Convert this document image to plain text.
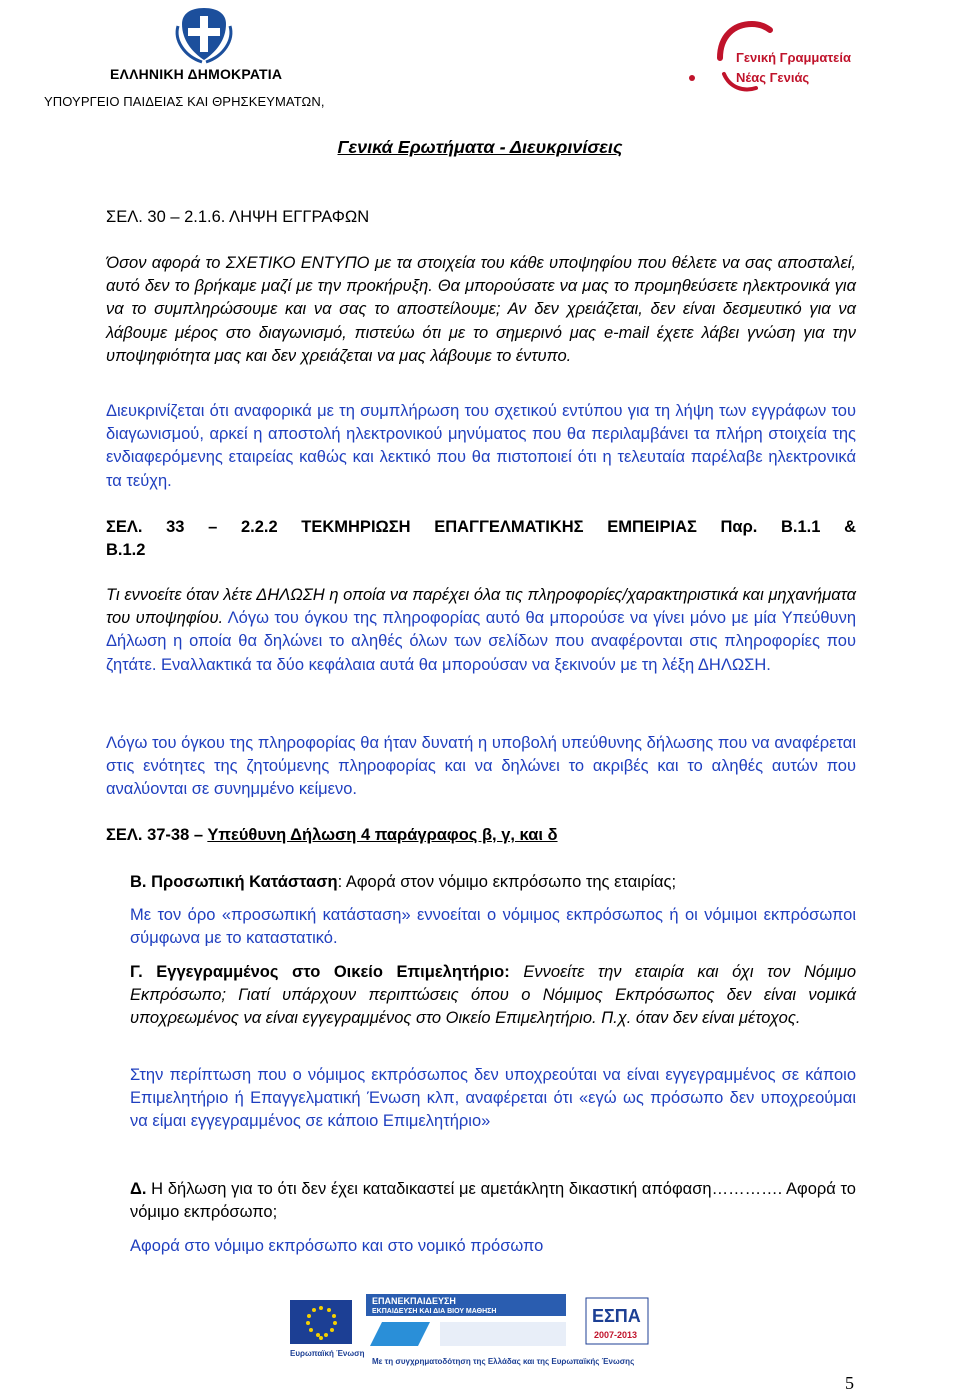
ΕΛΛΗΝΙΚΗ ΔΗΜΟΚΡΑΤΙΑ
ΥΠΟΥΡΓΕΙΟ ΠΑΙΔΕΙΑΣ ΚΑΙ ΘΡΗΣΚΕΥΜΑΤΩΝ,
Γενική Γραμματεία
Νέας Γενιάς
Γενικά Ερωτήματα - Διευκρινίσεις
ΣΕΛ. 30 – 2.1.6. ΛΗΨΗ ΕΓΓΡΑΦΩΝ
Όσον αφορά το ΣΧΕΤΙΚΟ ΕΝΤΥΠΟ με τα στοιχεία του κάθε υποψηφίου που θέλετε να σας αποσταλεί, αυτό δεν το βρήκαμε μαζί με την προκήρυξη. Θα μπορούσατε να μας το προμηθεύσετε ηλεκτρονικά για να το συμπληρώσουμε και να σας το αποστείλουμε; Αν δεν χρειάζεται, δεν είναι δεσμευτικό για να λάβουμε μέρος στο διαγωνισμό, πιστεύω ότι με το σημερινό μας e-mail έχετε λάβει γνώση για την υποψηφιότητα μας και δεν χρειάζεται να μας λάβουμε το έντυπο.
Διευκρινίζεται ότι αναφορικά με τη συμπλήρωση του σχετικού εντύπου για τη λήψη των εγγράφων του διαγωνισμού, αρκεί η αποστολή ηλεκτρονικού μηνύματος που θα περιλαμβάνει τα πλήρη στοιχεία της ενδιαφερόμενης εταιρείας καθώς και λεκτικό που θα πιστοποιεί ότι η τελευταία παρέλαβε ηλεκτρονικά τα τεύχη.
ΣΕΛ. 33 – 2.2.2 ΤΕΚΜΗΡΙΩΣΗ ΕΠΑΓΓΕΛΜΑΤΙΚΗΣ ΕΜΠΕΙΡΙΑΣ Παρ. Β.1.1 &
Β.1.2
Τι εννοείτε όταν λέτε ΔΗΛΩΣΗ η οποία να παρέχει όλα τις πληροφορίες/χαρακτηριστικά και μηχανήματα του υποψηφίου. Λόγω του όγκου της πληροφορίας αυτό θα μπορούσε να γίνει μόνο με μία Υπεύθυνη Δήλωση η οποία θα δηλώνει το αληθές όλων των σελίδων που αναφέρονται στις πληροφορίες που ζητάτε. Εναλλακτικά τα δύο κεφάλαια αυτά θα μπορούσαν να ξεκινούν με τη λέξη ΔΗΛΩΣΗ.
Λόγω του όγκου της πληροφορίας θα ήταν δυνατή η υποβολή υπεύθυνης δήλωσης που να αναφέρεται στις ενότητες της ζητούμενης πληροφορίας και να δηλώνει το ακριβές και το αληθές αυτών που αναλύονται σε συνημμένο κείμενο.
ΣΕΛ. 37-38 – Υπεύθυνη Δήλωση 4 παράγραφος β, γ, και δ
Β. Προσωπική Κατάσταση: Αφορά στον νόμιμο εκπρόσωπο της εταιρίας;
Με τον όρο «προσωπική κατάσταση» εννοείται ο νόμιμος εκπρόσωπος ή οι νόμιμοι εκπρόσωποι σύμφωνα με το καταστατικό.
Γ. Εγγεγραμμένος στο Οικείο Επιμελητήριο: Εννοείτε την εταιρία και όχι τον Νόμιμο Εκπρόσωπο; Γιατί υπάρχουν περιπτώσεις όπου ο Νόμιμος Εκπρόσωπος δεν είναι νομικά υποχρεωμένος να είναι εγγεγραμμένος στο Οικείο Επιμελητήριο. Π.χ. όταν δεν είναι μέτοχος.
Στην περίπτωση που ο νόμιμος εκπρόσωπος δεν υποχρεούται να είναι εγγεγραμμένος σε κάποιο Επιμελητήριο ή Επαγγελματική Ένωση κλπ, αναφέρεται ότι «εγώ ως πρόσωπο δεν υποχρεούμαι να είμαι εγγεγραμμένος σε κάποιο Επιμελητήριο»
Δ. Η δήλωση για το ότι δεν έχει καταδικαστεί με αμετάκλητη δικαστική απόφαση…………. Αφορά το νόμιμο εκπρόσωπο;
Αφορά στο νόμιμο εκπρόσωπο και στο νομικό πρόσωπο
Ευρωπαϊκή Ένωση
ΕΠΑΝΕΚΠΑΙΔΕΥΣΗ
ΕΚΠΑΙΔΕΥΣΗ ΚΑΙ ΔΙΑ ΒΙΟΥ ΜΑΘΗΣΗ	ΕΣΠΑ
2007-2013
Με τη συγχρηματοδότηση της Ελλάδας και της Ευρωπαϊκής Ένωσης
5
